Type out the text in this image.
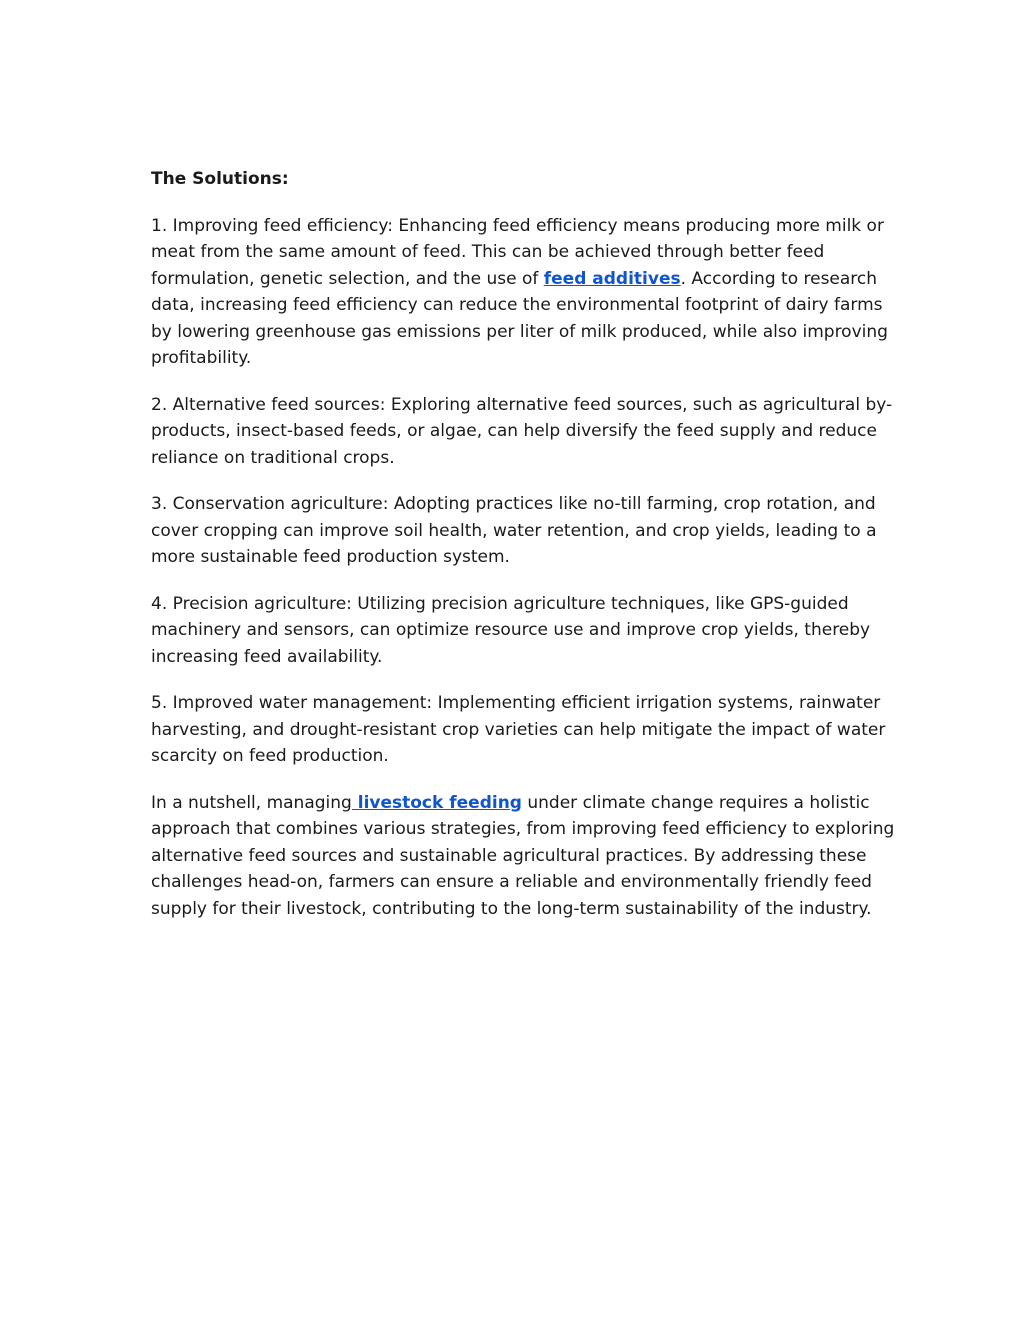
The Solutions:

1. Improving feed efficiency: Enhancing feed efficiency means producing more milk or meat from the same amount of feed. This can be achieved through better feed formulation, genetic selection, and the use of feed additives. According to research data, increasing feed efficiency can reduce the environmental footprint of dairy farms by lowering greenhouse gas emissions per liter of milk produced, while also improving profitability.

2. Alternative feed sources: Exploring alternative feed sources, such as agricultural by-products, insect-based feeds, or algae, can help diversify the feed supply and reduce reliance on traditional crops.

3. Conservation agriculture: Adopting practices like no-till farming, crop rotation, and cover cropping can improve soil health, water retention, and crop yields, leading to a more sustainable feed production system.

4. Precision agriculture: Utilizing precision agriculture techniques, like GPS-guided machinery and sensors, can optimize resource use and improve crop yields, thereby increasing feed availability.

5. Improved water management: Implementing efficient irrigation systems, rainwater harvesting, and drought-resistant crop varieties can help mitigate the impact of water scarcity on feed production.

In a nutshell, managing livestock feeding under climate change requires a holistic approach that combines various strategies, from improving feed efficiency to exploring alternative feed sources and sustainable agricultural practices. By addressing these challenges head-on, farmers can ensure a reliable and environmentally friendly feed supply for their livestock, contributing to the long-term sustainability of the industry.
